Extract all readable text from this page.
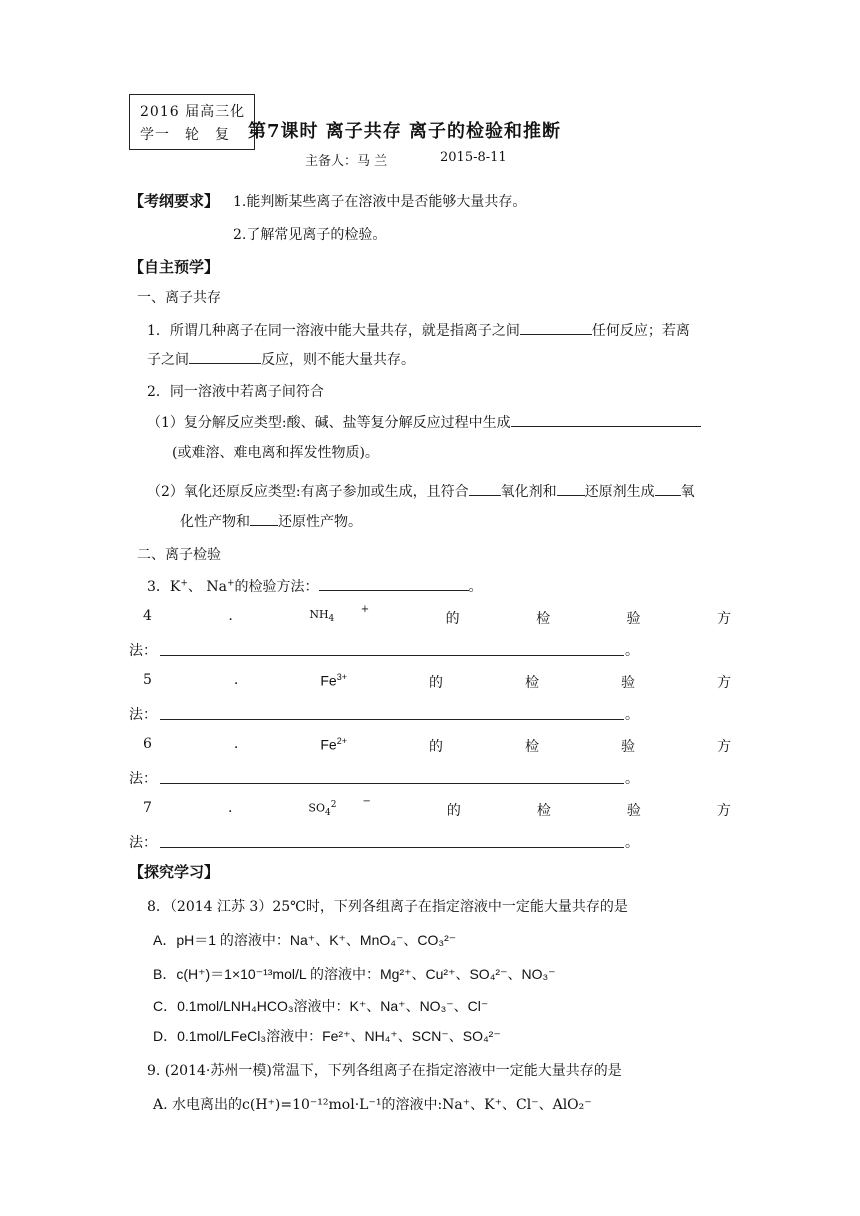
2016 届高三化
学一　轮　复 第7课时 离子共存 离子的检验和推断
主备人：马 兰	2015-8-11
【考纲要求】 1.能判断某些离子在溶液中是否能够大量共存。
2.了解常见离子的检验。
【自主预学】
一、离子共存
1．所谓几种离子在同一溶液中能大量共存，就是指离子之间	任何反应；若离
子之间	反应，则不能大量共存。
2．同一溶液中若离子间符合
（1）复分解反应类型:酸、碱、盐等复分解反应过程中生成
(或难溶、难电离和挥发性物质)。
（2）氧化还原反应类型:有离子参加或生成，且符合 氧化剂和 还原剂生成 氧
化性产物和 还原性产物。
二、离子检验
3．K+、 Na+的检验方法：	。
4	.	$NH_4$
+
的	检	验	方
法：	。
5	.	$Fe^{3+}$	的	检	验	方
法：	。
6	.	$Fe^{2+}$	的	检	验	方
法：	。
7	.	$SO_4^2$	−
的	检	验	方
法：	。
【探究学习】
8．（2014 江苏 3）25℃时，下列各组离子在指定溶液中一定能大量共存的是
A．pH＝1 的溶液中：Na⁺、K⁺、MnO₄⁻、CO₃²⁻
B．c(H⁺)＝1×10⁻¹³mol/L 的溶液中：Mg²⁺、Cu²⁺、SO₄²⁻、NO₃⁻
C．0.1mol/LNH₄HCO₃溶液中：K⁺、Na⁺、NO₃⁻、Cl⁻
D．0.1mol/LFeCl₃溶液中：Fe²⁺、NH₄⁺、SCN⁻、SO₄²⁻
9. (2014·苏州一模)常温下，下列各组离子在指定溶液中一定能大量共存的是
A. 水电离出的c(H⁺)=10⁻¹²mol·L⁻¹的溶液中:Na⁺、K⁺、Cl⁻、AlO₂⁻
